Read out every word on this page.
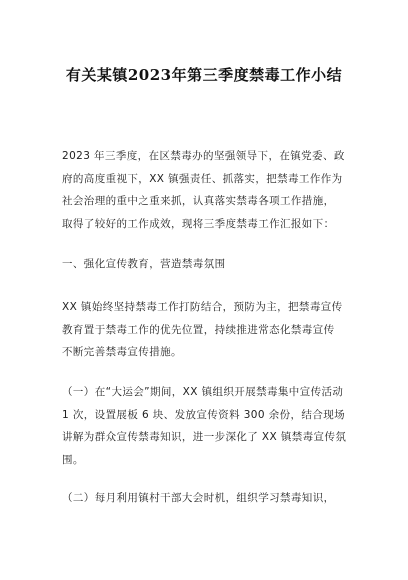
有关某镇2023年第三季度禁毒工作小结
2023 年三季度，在区禁毒办的坚强领导下，在镇党委、政
府的高度重视下，XX 镇强责任、抓落实，把禁毒工作作为
社会治理的重中之重来抓，认真落实禁毒各项工作措施，
取得了较好的工作成效，现将三季度禁毒工作汇报如下：
一、强化宣传教育，营造禁毒氛围
XX 镇始终坚持禁毒工作打防结合，预防为主，把禁毒宣传
教育置于禁毒工作的优先位置，持续推进常态化禁毒宣传
不断完善禁毒宣传措施。
（一）在“大运会”期间，XX 镇组织开展禁毒集中宣传活动
1 次，设置展板 6 块、发放宣传资料 300 余份，结合现场
讲解为群众宣传禁毒知识，进一步深化了 XX 镇禁毒宣传氛
围。
（二）每月利用镇村干部大会时机，组织学习禁毒知识，
